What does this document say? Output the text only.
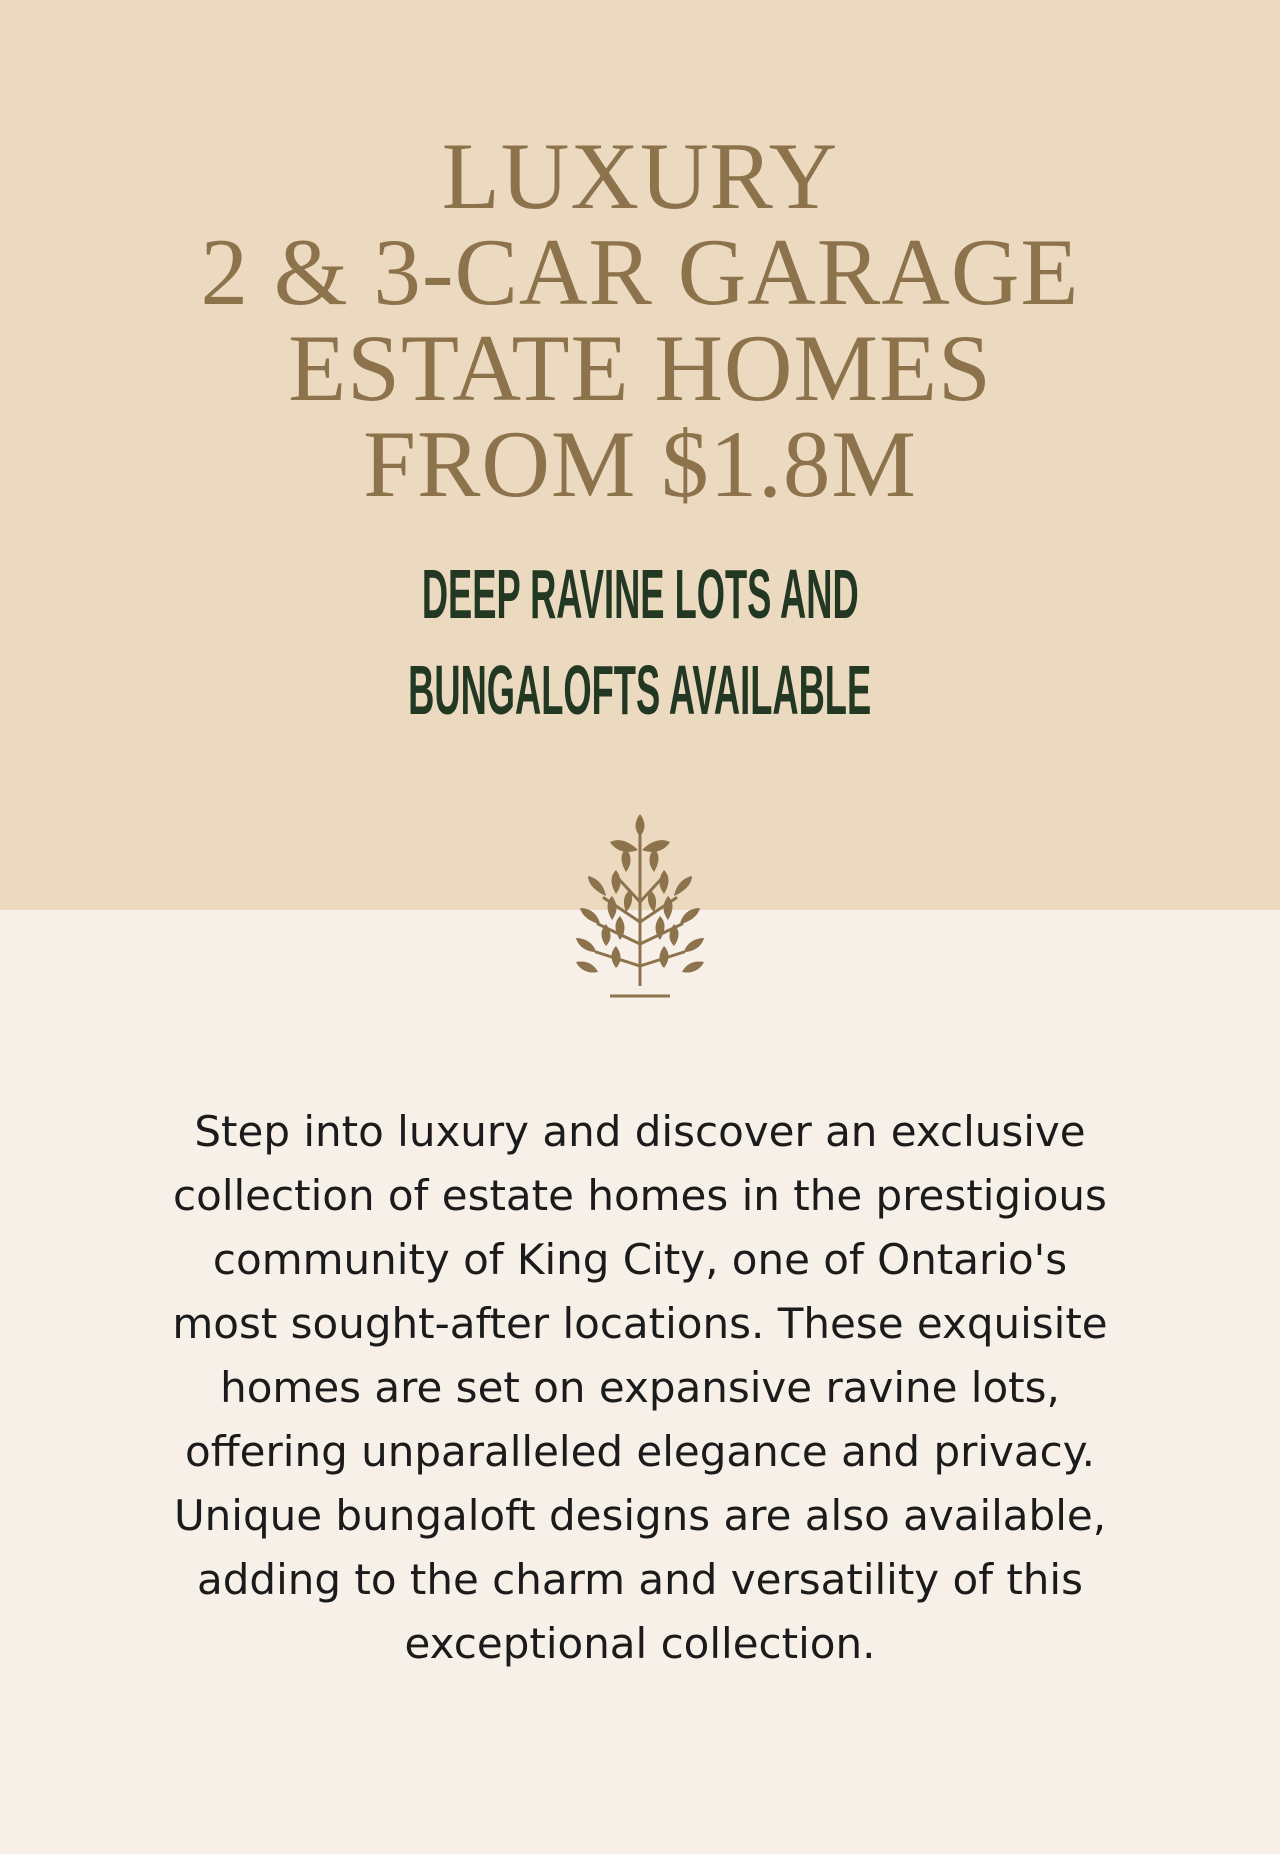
LUXURY
2 & 3-CAR GARAGE
ESTATE HOMES
FROM $1.8M
DEEP RAVINE LOTS AND
BUNGALOFTS AVAILABLE

Step into luxury and discover an exclusive
collection of estate homes in the prestigious
community of King City, one of Ontario's
most sought-after locations. These exquisite
homes are set on expansive ravine lots,
offering unparalleled elegance and privacy.
Unique bungaloft designs are also available,
adding to the charm and versatility of this
exceptional collection.
